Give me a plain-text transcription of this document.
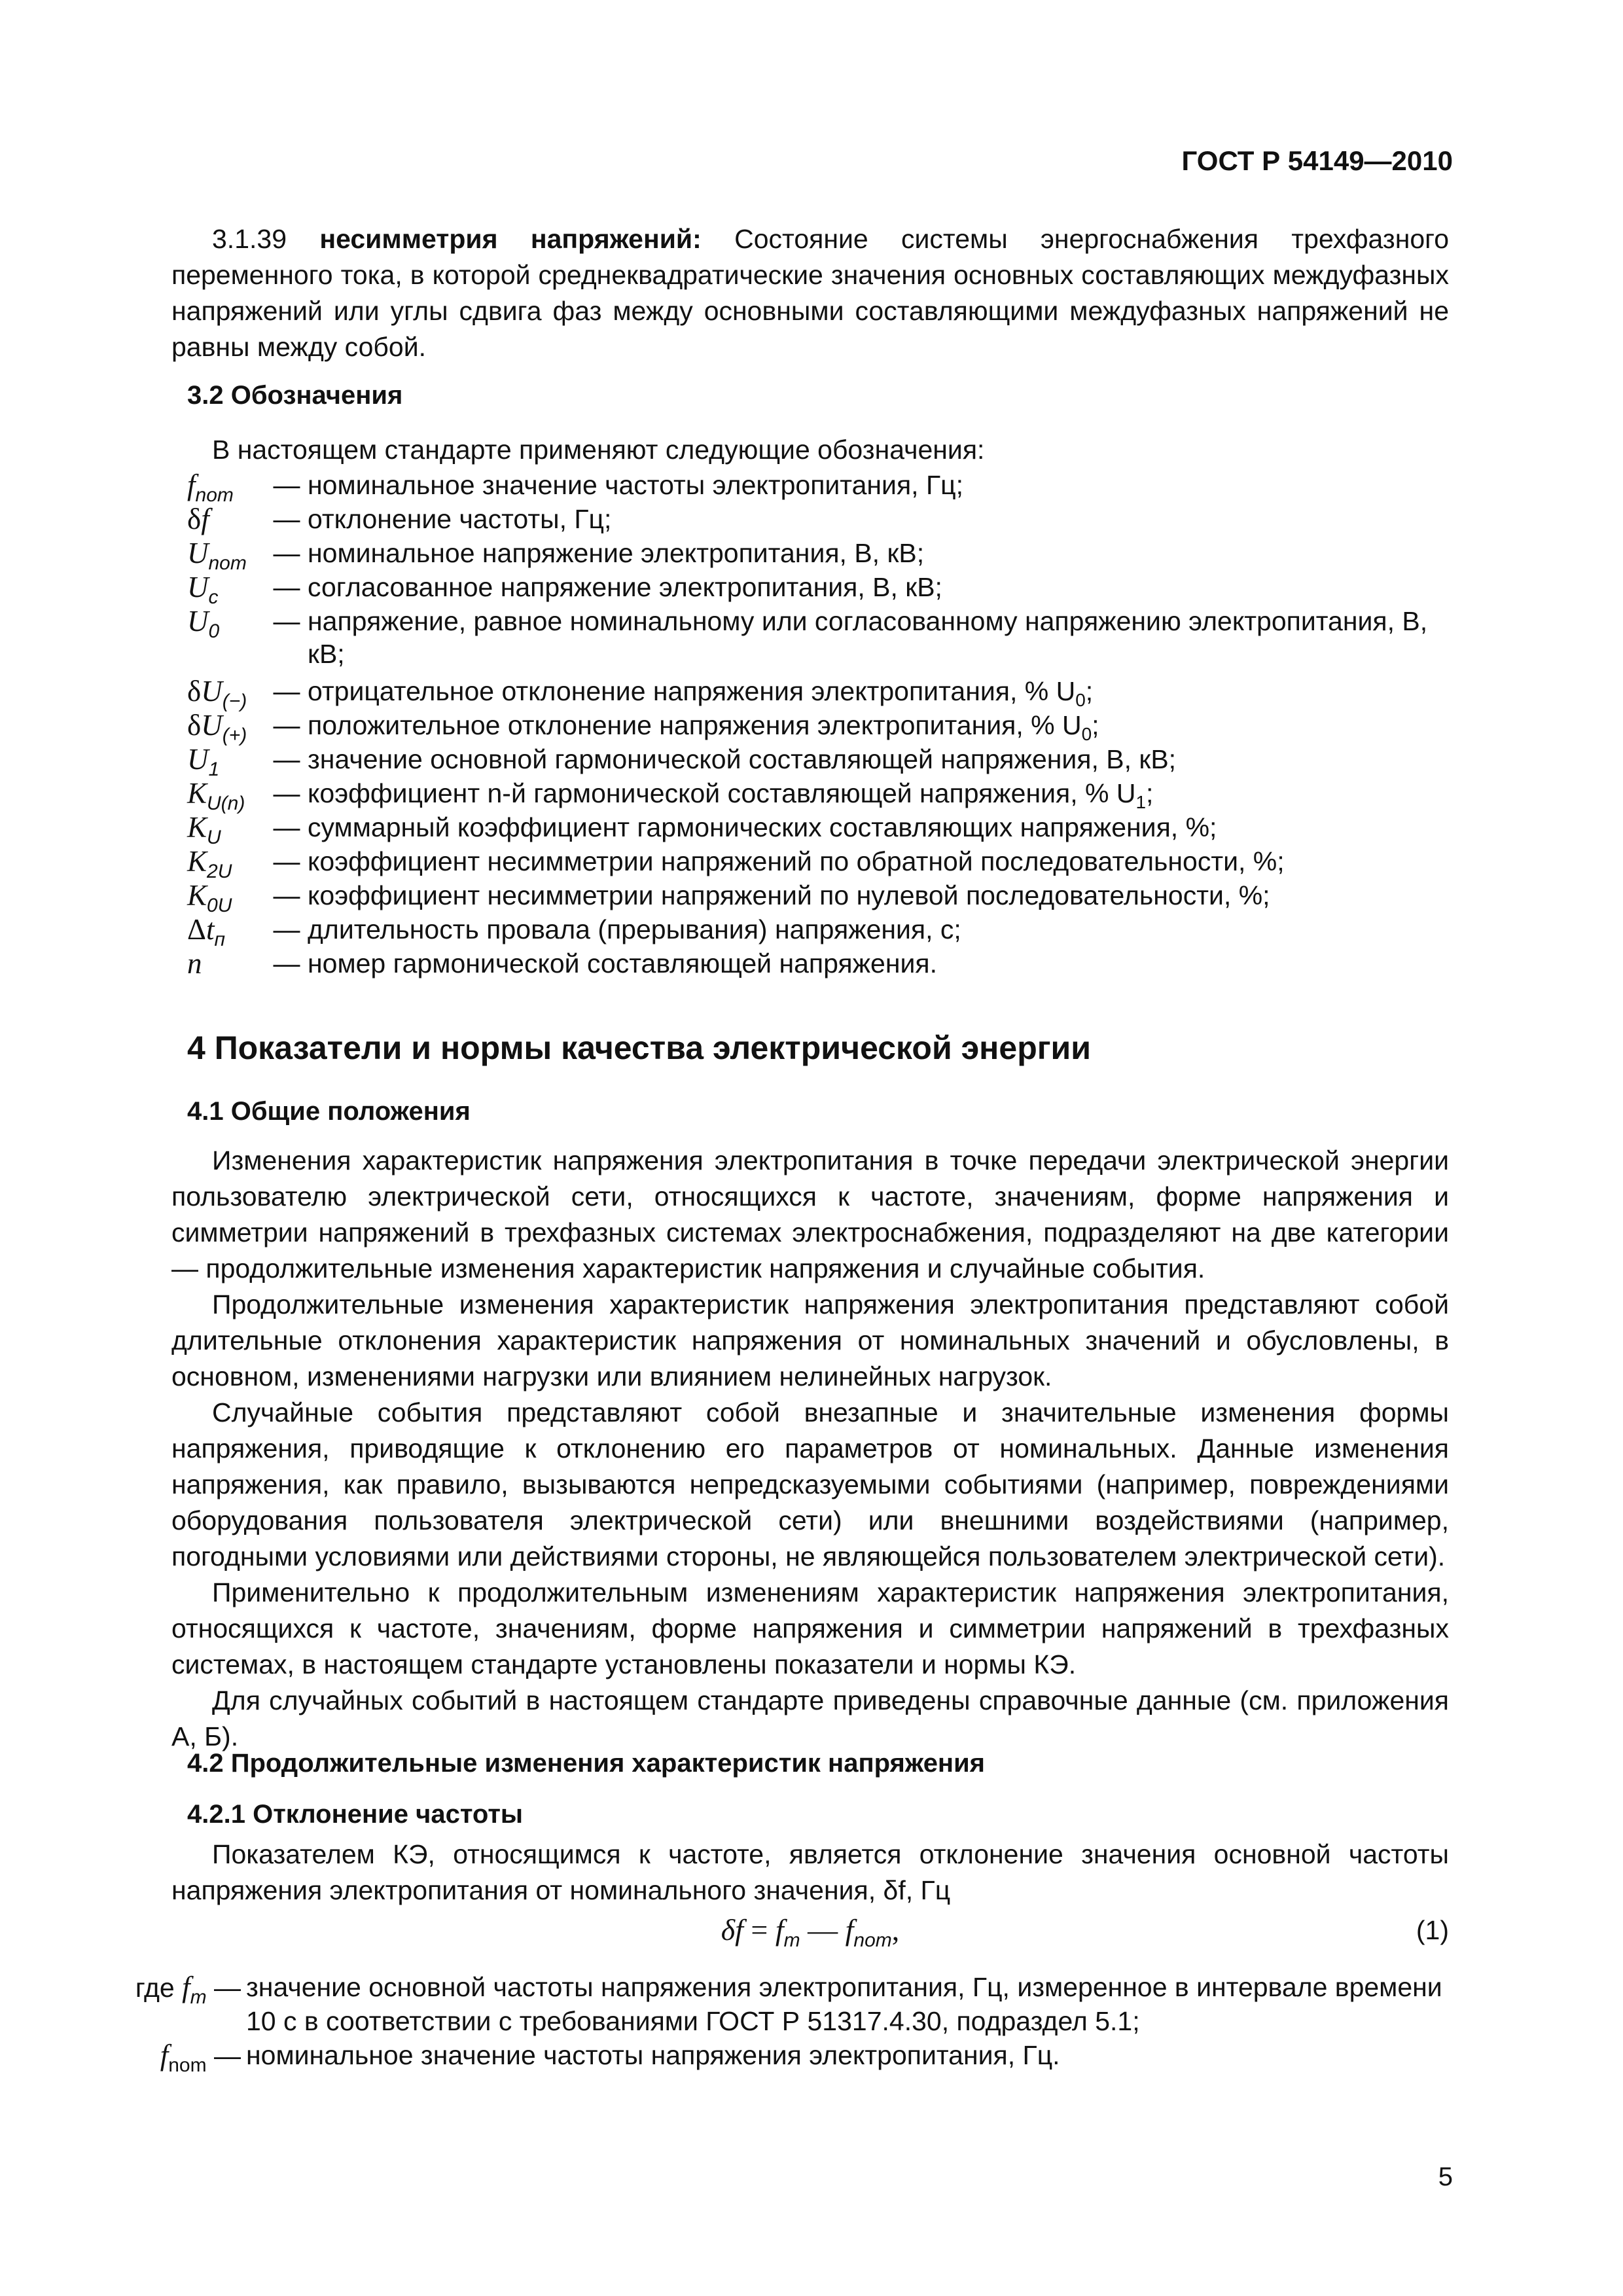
ГОСТ Р 54149—2010

3.1.39 несимметрия напряжений: Состояние системы энергоснабжения трехфазного переменного тока, в которой среднеквадратические значения основных составляющих междуфазных напряжений или углы сдвига фаз между основными составляющими междуфазных напряжений не равны между собой.

3.2 Обозначения

В настоящем стандарте применяют следующие обозначения:

$f_{nom}$	— номинальное значение частоты электропитания, Гц;
δf	— отклонение частоты, Гц;
$U_{nom}$ — номинальное напряжение электропитания, В, кВ;
$U_c$	— согласованное напряжение электропитания, В, кВ;
$U_0$	— напряжение, равное номинальному или согласованному напряжению электропитания, В, кВ;
$\delta U_{(-)}$ — отрицательное отклонение напряжения электропитания, % $U_0$;
$\delta U_{(+)}$ — положительное отклонение напряжения электропитания, % $U_0$;
$U_1$	— значение основной гармонической составляющей напряжения, В, кВ;
$K_{U(n)}$	— коэффициент n-й гармонической составляющей напряжения, % $U_1$;
$K_U$	— суммарный коэффициент гармонических составляющих напряжения, %;
$K_{2U}$	— коэффициент несимметрии напряжений по обратной последовательности, %;
$K_{0U}$	— коэффициент несимметрии напряжений по нулевой последовательности, %;
$\Delta t_п$	— длительность провала (прерывания) напряжения, с;
n	— номер гармонической составляющей напряжения.
4 Показатели и нормы качества электрической энергии
4.1 Общие положения

Изменения характеристик напряжения электропитания в точке передачи электрической энергии пользователю электрической сети, относящихся к частоте, значениям, форме напряжения и симметрии напряжений в трехфазных системах электроснабжения, подразделяют на две категории — продолжительные изменения характеристик напряжения и случайные события.

Продолжительные изменения характеристик напряжения электропитания представляют собой длительные отклонения характеристик напряжения от номинальных значений и обусловлены, в основном, изменениями нагрузки или влиянием нелинейных нагрузок.

Случайные события представляют собой внезапные и значительные изменения формы напряжения, приводящие к отклонению его параметров от номинальных. Данные изменения напряжения, как правило, вызываются непредсказуемыми событиями (например, повреждениями оборудования пользователя электрической сети) или внешними воздействиями (например, погодными условиями или действиями стороны, не являющейся пользователем электрической сети).

Применительно к продолжительным изменениям характеристик напряжения электропитания, относящихся к частоте, значениям, форме напряжения и симметрии напряжений в трехфазных системах, в настоящем стандарте установлены показатели и нормы КЭ.

Для случайных событий в настоящем стандарте приведены справочные данные (см. приложения А, Б).

4.2 Продолжительные изменения характеристик напряжения
4.2.1 Отклонение частоты

Показателем КЭ, относящимся к частоте, является отклонение значения основной частоты напряжения электропитания от номинального значения, δf, Гц

$\delta f = f_m$ — $f_{nom}$,	(1)
где $f_m$ — значение основной частоты напряжения электропитания, Гц, измеренное в интервале времени 10 с в соответствии с требованиями ГОСТ Р 51317.4.30, подраздел 5.1;
$f_{nom}$ — номинальное значение частоты напряжения электропитания, Гц.
5
